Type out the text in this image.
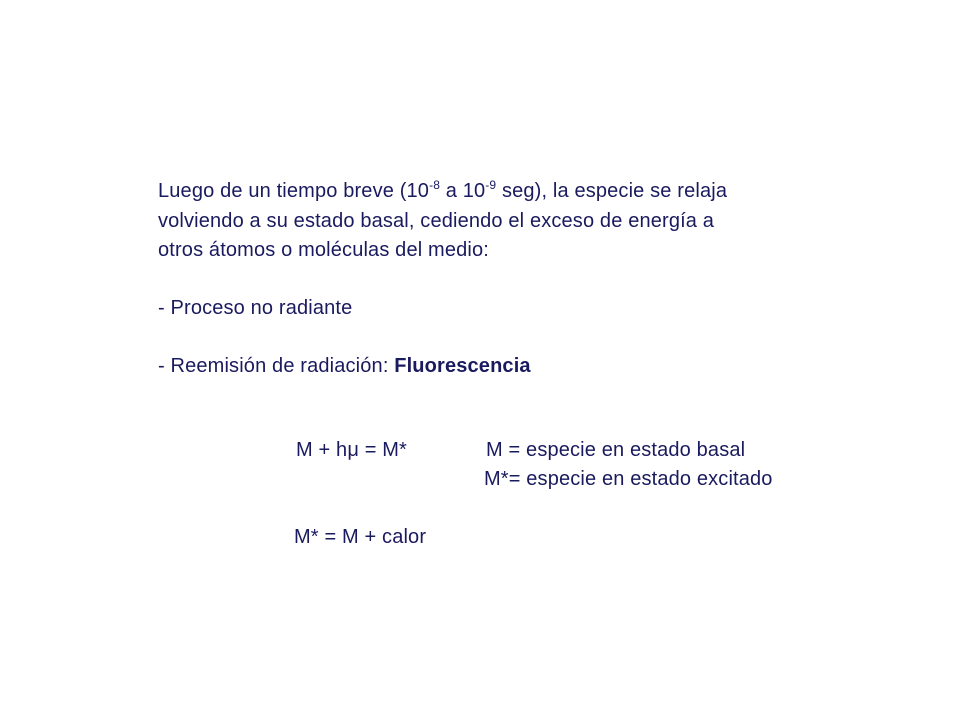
Luego de un tiempo breve ($10^{-8}$ a $10^{-9}$ seg), la especie se relaja
volviendo a su estado basal, cediendo el exceso de energía a
otros átomos o moléculas del medio:
- Proceso no radiante
- Reemisión de radiación: Fluorescencia
M + hμ = M*	M = especie en estado basal
M*= especie en estado excitado
M* = M + calor
